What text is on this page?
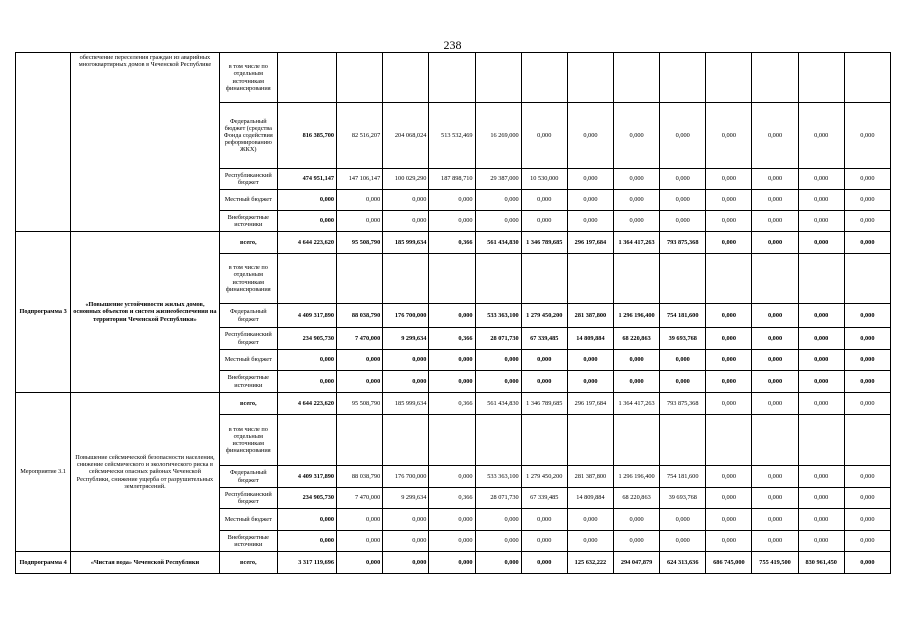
238
	обеспечение переселения граждан из аварийных многоквартирных домов в Чеченской Республике	в том числе по отдельным источникам финансирования													
		Федеральный бюджет (средства Фонда содействия реформированию ЖКХ)	816 385,700	82 516,207	204 068,024	513 532,469	16 269,000	0,000	0,000	0,000	0,000	0,000	0,000	0,000	0,000
		Республиканский бюджет	474 951,147	147 106,147	100 029,290	187 898,710	29 387,000	10 530,000	0,000	0,000	0,000	0,000	0,000	0,000	0,000
		Местный бюджет	0,000	0,000	0,000	0,000	0,000	0,000	0,000	0,000	0,000	0,000	0,000	0,000	0,000
		Внебюджетные источники	0,000	0,000	0,000	0,000	0,000	0,000	0,000	0,000	0,000	0,000	0,000	0,000	0,000
Подпрограмма 3	«Повышение устойчивости жилых домов, основных объектов и систем жизнеобеспечения на территории Чеченской Республики»	всего,	4 644 223,620	95 508,790	185 999,634	0,366	561 434,830	1 346 789,685	296 197,684	1 364 417,263	793 875,368	0,000	0,000	0,000	0,000
		в том числе по отдельным источникам финансирования													
		Федеральный бюджет	4 409 317,890	88 038,790	176 700,000	0,000	533 363,100	1 279 450,200	281 387,800	1 296 196,400	754 181,600	0,000	0,000	0,000	0,000
		Республиканский бюджет	234 905,730	7 470,000	9 299,634	0,366	28 071,730	67 339,485	14 809,884	68 220,863	39 693,768	0,000	0,000	0,000	0,000
		Местный бюджет	0,000	0,000	0,000	0,000	0,000	0,000	0,000	0,000	0,000	0,000	0,000	0,000	0,000
		Внебюджетные источники	0,000	0,000	0,000	0,000	0,000	0,000	0,000	0,000	0,000	0,000	0,000	0,000	0,000
Мероприятие 3.1	Повышение сейсмической безопасности населения, снижение сейсмического и экологического риска в сейсмически опасных районах Чеченской Республики, снижение ущерба от разрушительных землетрясений.	всего,	4 644 223,620	95 508,790	185 999,634	0,366	561 434,830	1 346 789,685	296 197,684	1 364 417,263	793 875,368	0,000	0,000	0,000	0,000
		в том числе по отдельным источникам финансирования													
		Федеральный бюджет	4 409 317,890	88 038,790	176 700,000	0,000	533 363,100	1 279 450,200	281 387,800	1 296 196,400	754 181,600	0,000	0,000	0,000	0,000
		Республиканский бюджет	234 905,730	7 470,000	9 299,634	0,366	28 071,730	67 339,485	14 809,884	68 220,863	39 693,768	0,000	0,000	0,000	0,000
		Местный бюджет	0,000	0,000	0,000	0,000	0,000	0,000	0,000	0,000	0,000	0,000	0,000	0,000	0,000
		Внебюджетные источники	0,000	0,000	0,000	0,000	0,000	0,000	0,000	0,000	0,000	0,000	0,000	0,000	0,000
Подпрограмма 4	«Чистая вода» Чеченской Республики	всего,	3 317 119,696	0,000	0,000	0,000	0,000	0,000	125 632,222	294 047,879	624 313,636	686 745,000	755 419,500	830 961,450	0,000
